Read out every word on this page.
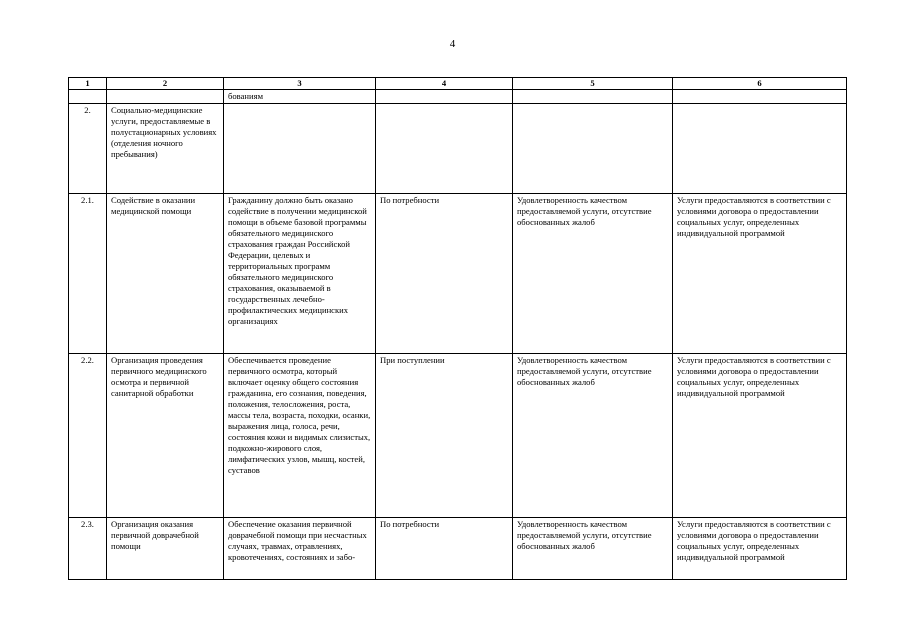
4
1	2	3	4	5	6
		бованиям			
2.	Социально-медицинские услуги, предоставляемые в полустационарных условиях (отделения ночного пребывания)				
2.1.	Содействие в оказании медицинской помощи	Гражданину должно быть оказано содействие в получении медицинской помощи в объеме базовой программы обязательного медицинского страхования граждан Российской Федерации, целевых и территориальных программ обязательного медицинского страхования, оказываемой в государственных лечебно-профилактических медицинских организациях	По потребности	Удовлетворенность качеством предоставляемой услуги, отсутствие обоснованных жалоб	Услуги предоставляются в соответствии с условиями договора о предоставлении социальных услуг, определенных индивидуальной программой
2.2.	Организация проведения первичного медицинского осмотра и первичной санитарной обработки	Обеспечивается проведение первичного осмотра, который включает оценку общего состояния гражданина, его сознания, поведения, положения, телосложения, роста, массы тела, возраста, походки, осанки, выражения лица, голоса, речи, состояния кожи и видимых слизистых, подкожно-жирового слоя, лимфатических узлов, мышц, костей, суставов	При поступлении	Удовлетворенность качеством предоставляемой услуги, отсутствие обоснованных жалоб	Услуги предоставляются в соответствии с условиями договора о предоставлении социальных услуг, определенных индивидуальной программой
2.3.	Организация оказания первичной доврачебной помощи	Обеспечение оказания первичной доврачебной помощи при несчастных случаях, травмах, отравлениях, кровотечениях, состояниях и забо-	По потребности	Удовлетворенность качеством предоставляемой услуги, отсутствие обоснованных жалоб	Услуги предоставляются в соответствии с условиями договора о предоставлении социальных услуг, определенных индивидуальной программой
